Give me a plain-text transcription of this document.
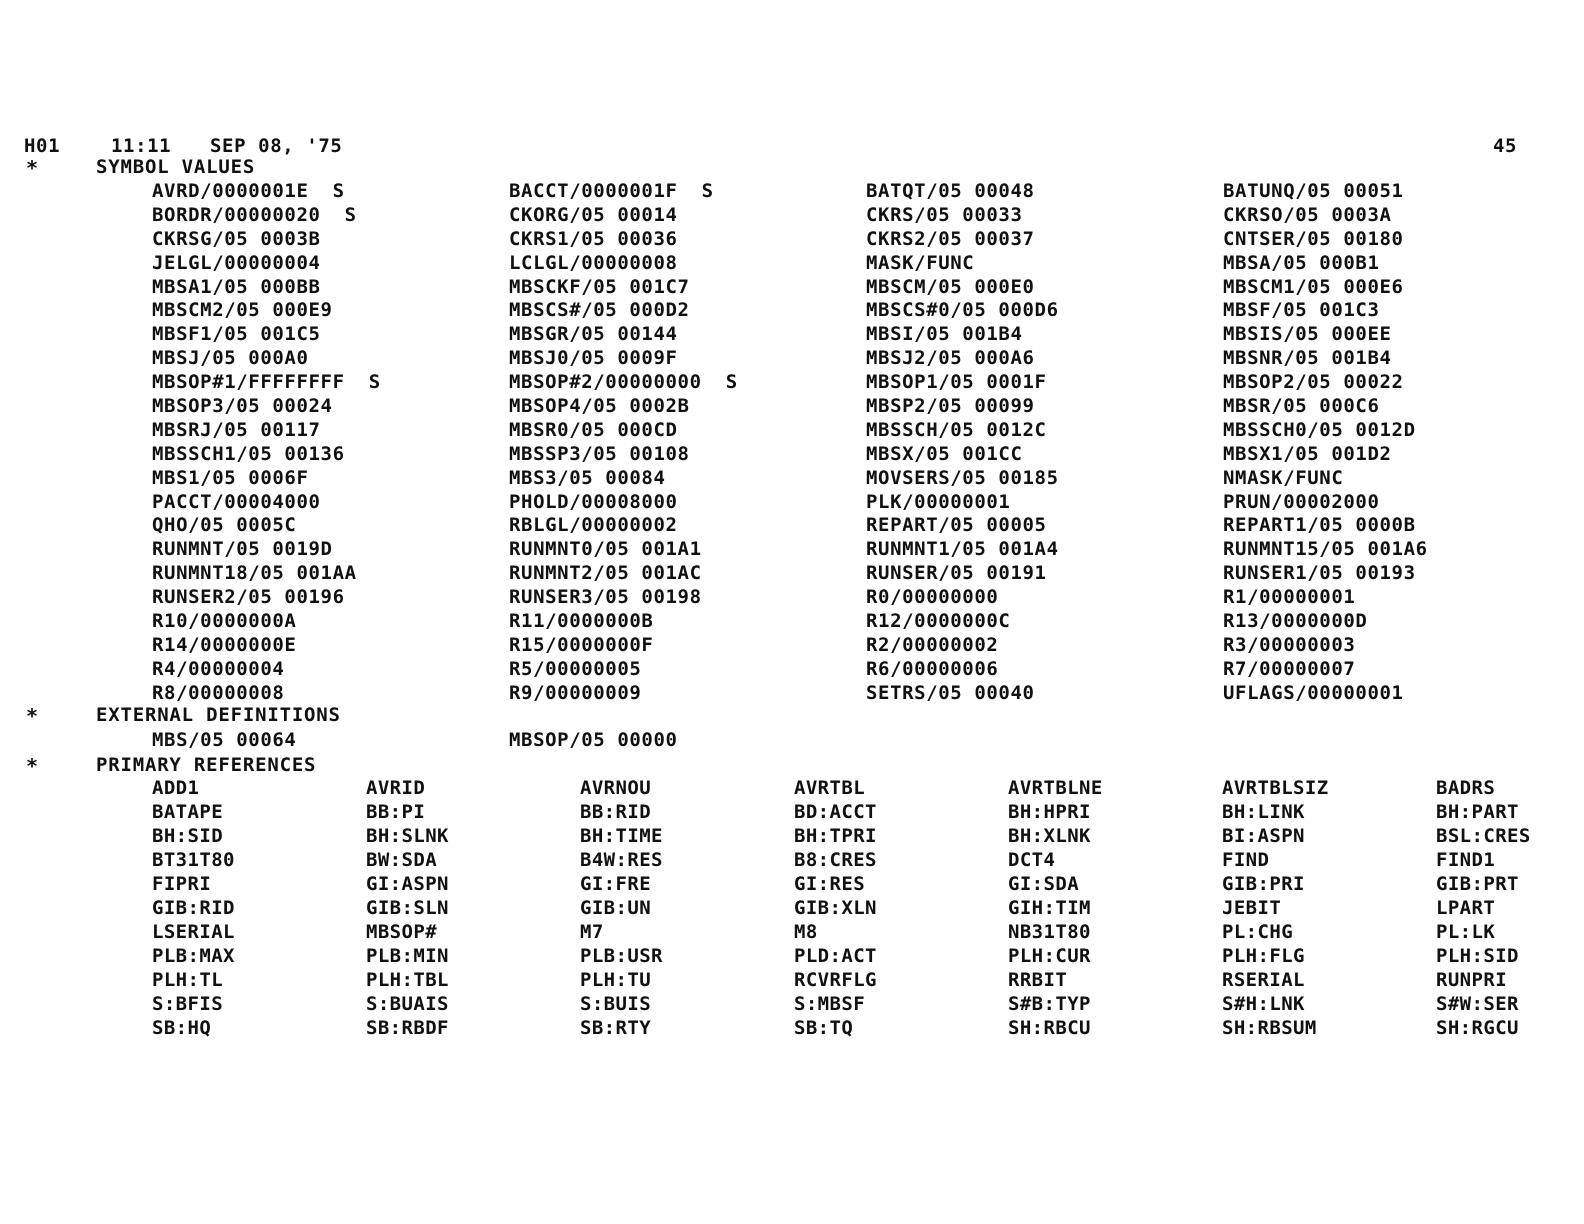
H01	11:11 SEP 08, '75	45
*	SYMBOL VALUES
AVRD/0000001E  S	BACCT/0000001F  S	BATQT/05 00048	BATUNQ/05 00051
BORDR/00000020  S	CKORG/05 00014	CKRS/05 00033	CKRSO/05 0003A
CKRSG/05 0003B	CKRS1/05 00036	CKRS2/05 00037	CNTSER/05 00180
JELGL/00000004	LCLGL/00000008	MASK/FUNC	MBSA/05 000B1
MBSA1/05 000BB	MBSCKF/05 001C7	MBSCM/05 000E0	MBSCM1/05 000E6
MBSCM2/05 000E9	MBSCS#/05 000D2	MBSCS#0/05 000D6	MBSF/05 001C3
MBSF1/05 001C5	MBSGR/05 00144	MBSI/05 001B4	MBSIS/05 000EE
MBSJ/05 000A0	MBSJ0/05 0009F	MBSJ2/05 000A6	MBSNR/05 001B4
MBSOP#1/FFFFFFFF  S	MBSOP#2/00000000  S	MBSOP1/05 0001F	MBSOP2/05 00022
MBSOP3/05 00024	MBSOP4/05 0002B	MBSP2/05 00099	MBSR/05 000C6
MBSRJ/05 00117	MBSR0/05 000CD	MBSSCH/05 0012C	MBSSCH0/05 0012D
MBSSCH1/05 00136	MBSSP3/05 00108	MBSX/05 001CC	MBSX1/05 001D2
MBS1/05 0006F	MBS3/05 00084	MOVSERS/05 00185	NMASK/FUNC
PACCT/00004000	PHOLD/00008000	PLK/00000001	PRUN/00002000
QHO/05 0005C	RBLGL/00000002	REPART/05 00005	REPART1/05 0000B
RUNMNT/05 0019D	RUNMNT0/05 001A1	RUNMNT1/05 001A4	RUNMNT15/05 001A6
RUNMNT18/05 001AA	RUNMNT2/05 001AC	RUNSER/05 00191	RUNSER1/05 00193
RUNSER2/05 00196	RUNSER3/05 00198	R0/00000000	R1/00000001
R10/0000000A	R11/0000000B	R12/0000000C	R13/0000000D
R14/0000000E	R15/0000000F	R2/00000002	R3/00000003
R4/00000004	R5/00000005	R6/00000006	R7/00000007
R8/00000008	R9/00000009	SETRS/05 00040	UFLAGS/00000001
*	EXTERNAL DEFINITIONS
MBS/05 00064	MBSOP/05 00000
*	PRIMARY REFERENCES
ADD1	AVRID	AVRNOU	AVRTBL	AVRTBLNE	AVRTBLSIZ	BADRS
BATAPE	BB:PI	BB:RID	BD:ACCT	BH:HPRI	BH:LINK	BH:PART
BH:SID	BH:SLNK	BH:TIME	BH:TPRI	BH:XLNK	BI:ASPN	BSL:CRES
BT31T80	BW:SDA	B4W:RES	B8:CRES	DCT4	FIND	FIND1
FIPRI	GI:ASPN	GI:FRE	GI:RES	GI:SDA	GIB:PRI	GIB:PRT
GIB:RID	GIB:SLN	GIB:UN	GIB:XLN	GIH:TIM	JEBIT	LPART
LSERIAL	MBSOP#	M7	M8	NB31T80	PL:CHG	PL:LK
PLB:MAX	PLB:MIN	PLB:USR	PLD:ACT	PLH:CUR	PLH:FLG	PLH:SID
PLH:TL	PLH:TBL	PLH:TU	RCVRFLG	RRBIT	RSERIAL	RUNPRI
S:BFIS	S:BUAIS	S:BUIS	S:MBSF	S#B:TYP	S#H:LNK	S#W:SER
SB:HQ	SB:RBDF	SB:RTY	SB:TQ	SH:RBCU	SH:RBSUM	SH:RGCU
